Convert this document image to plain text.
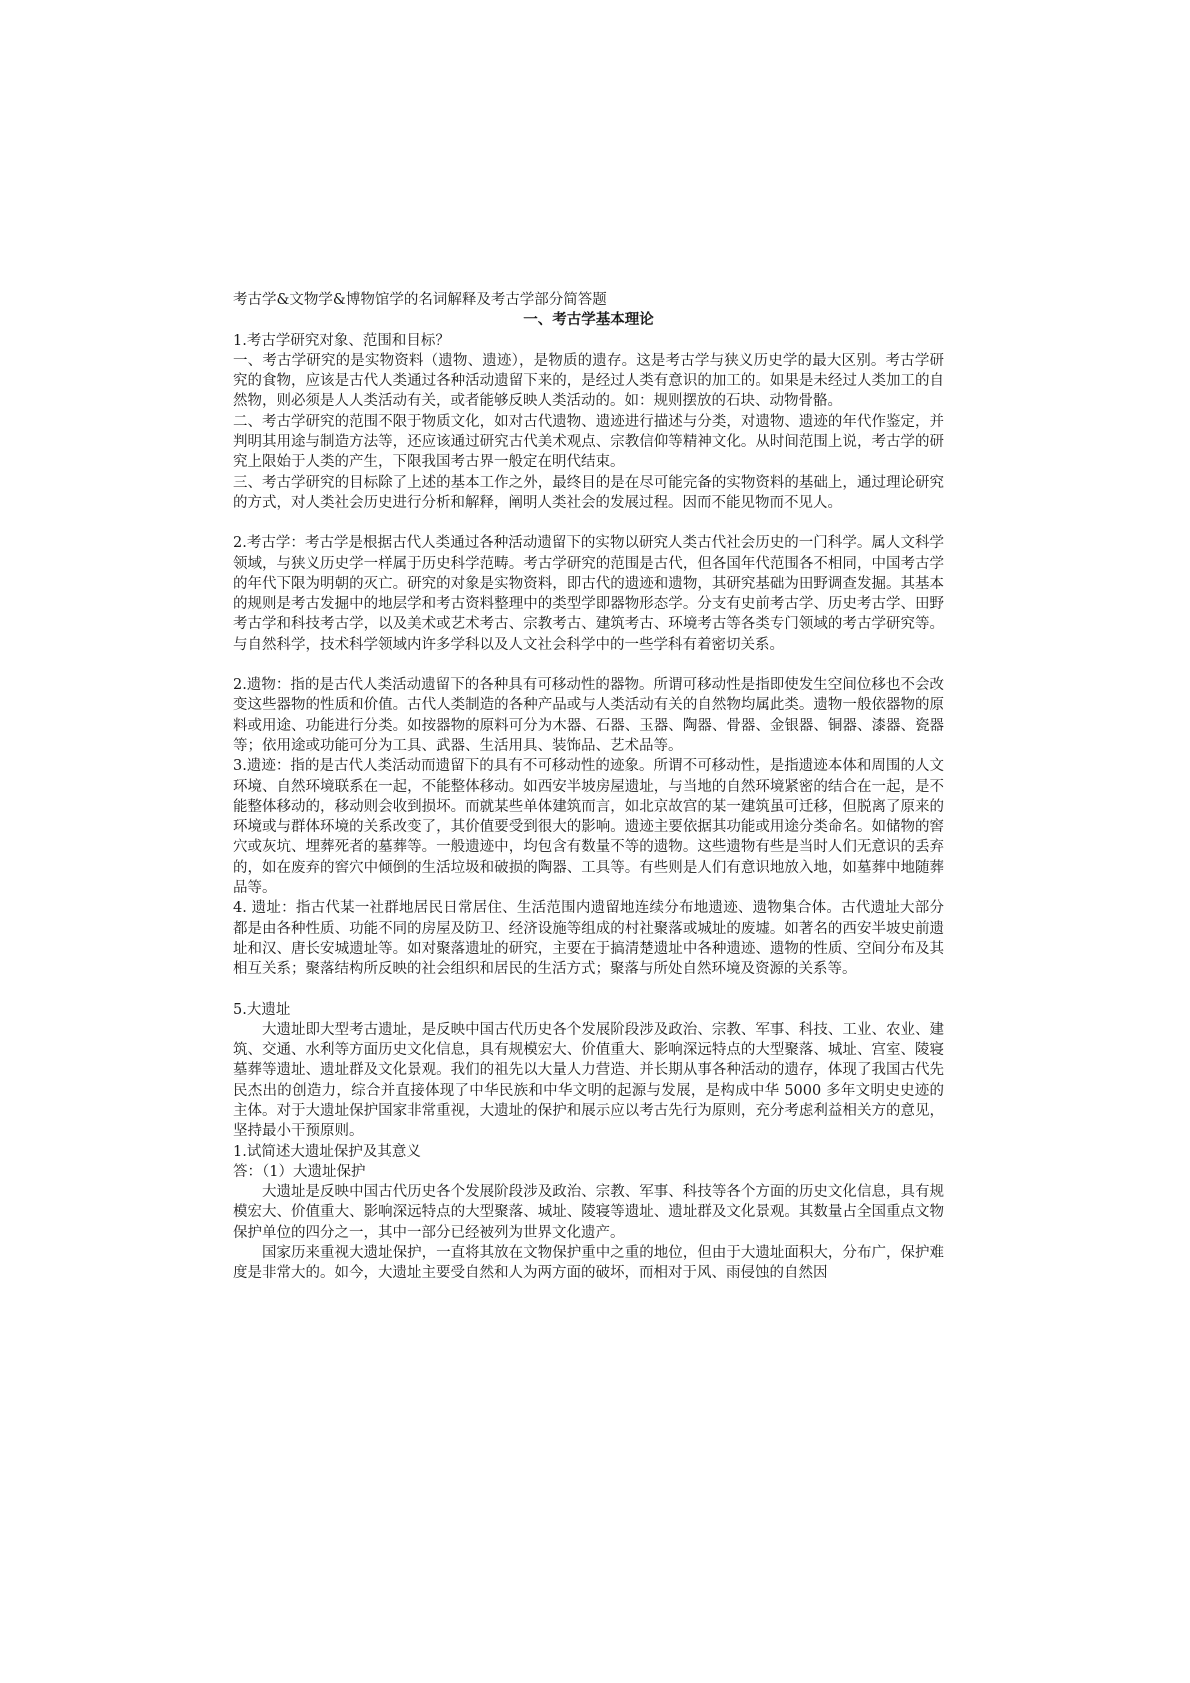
考古学&文物学&博物馆学的名词解释及考古学部分简答题
一、考古学基本理论

1.考古学研究对象、范围和目标？

一、考古学研究的是实物资料（遗物、遗迹），是物质的遗存。这是考古学与狭义历史学的最大区别。考古学研究的食物，应该是古代人类通过各种活动遗留下来的，是经过人类有意识的加工的。如果是未经过人类加工的自然物，则必须是人人类活动有关，或者能够反映人类活动的。如：规则摆放的石块、动物骨骼。

二、考古学研究的范围不限于物质文化，如对古代遗物、遗迹进行描述与分类，对遗物、遗迹的年代作鉴定，并判明其用途与制造方法等，还应该通过研究古代美术观点、宗教信仰等精神文化。从时间范围上说，考古学的研究上限始于人类的产生，下限我国考古界一般定在明代结束。

三、考古学研究的目标除了上述的基本工作之外，最终目的是在尽可能完备的实物资料的基础上，通过理论研究的方式，对人类社会历史进行分析和解释，阐明人类社会的发展过程。因而不能见物而不见人。

2.考古学：考古学是根据古代人类通过各种活动遗留下的实物以研究人类古代社会历史的一门科学。属人文科学领域，与狭义历史学一样属于历史科学范畴。考古学研究的范围是古代，但各国年代范围各不相同，中国考古学的年代下限为明朝的灭亡。研究的对象是实物资料，即古代的遗迹和遗物，其研究基础为田野调查发掘。其基本的规则是考古发掘中的地层学和考古资料整理中的类型学即器物形态学。分支有史前考古学、历史考古学、田野考古学和科技考古学，以及美术或艺术考古、宗教考古、建筑考古、环境考古等各类专门领域的考古学研究等。与自然科学，技术科学领域内许多学科以及人文社会科学中的一些学科有着密切关系。

2.遗物：指的是古代人类活动遗留下的各种具有可移动性的器物。所谓可移动性是指即使发生空间位移也不会改变这些器物的性质和价值。古代人类制造的各种产品或与人类活动有关的自然物均属此类。遗物一般依器物的原料或用途、功能进行分类。如按器物的原料可分为木器、石器、玉器、陶器、骨器、金银器、铜器、漆器、瓷器等；依用途或功能可分为工具、武器、生活用具、装饰品、艺术品等。

3.遗迹：指的是古代人类活动而遗留下的具有不可移动性的迹象。所谓不可移动性，是指遗迹本体和周围的人文环境、自然环境联系在一起，不能整体移动。如西安半坡房屋遗址，与当地的自然环境紧密的结合在一起，是不能整体移动的，移动则会收到损坏。而就某些单体建筑而言，如北京故宫的某一建筑虽可迁移，但脱离了原来的环境或与群体环境的关系改变了，其价值要受到很大的影响。遗迹主要依据其功能或用途分类命名。如储物的窖穴或灰坑、埋葬死者的墓葬等。一般遗迹中，均包含有数量不等的遗物。这些遗物有些是当时人们无意识的丢弃的，如在废弃的窖穴中倾倒的生活垃圾和破损的陶器、工具等。有些则是人们有意识地放入地，如墓葬中地随葬品等。

4. 遗址：指古代某一社群地居民日常居住、生活范围内遗留地连续分布地遗迹、遗物集合体。古代遗址大部分都是由各种性质、功能不同的房屋及防卫、经济设施等组成的村社聚落或城址的废墟。如著名的西安半坡史前遗址和汉、唐长安城遗址等。如对聚落遗址的研究，主要在于搞清楚遗址中各种遗迹、遗物的性质、空间分布及其相互关系；聚落结构所反映的社会组织和居民的生活方式；聚落与所处自然环境及资源的关系等。

5.大遗址

大遗址即大型考古遗址，是反映中国古代历史各个发展阶段涉及政治、宗教、军事、科技、工业、农业、建筑、交通、水利等方面历史文化信息，具有规模宏大、价值重大、影响深远特点的大型聚落、城址、宫室、陵寝墓葬等遗址、遗址群及文化景观。我们的祖先以大量人力营造、并长期从事各种活动的遗存，体现了我国古代先民杰出的创造力，综合并直接体现了中华民族和中华文明的起源与发展，是构成中华 5000 多年文明史史迹的主体。对于大遗址保护国家非常重视，大遗址的保护和展示应以考古先行为原则，充分考虑利益相关方的意见，坚持最小干预原则。

1.试简述大遗址保护及其意义

答：（1）大遗址保护

大遗址是反映中国古代历史各个发展阶段涉及政治、宗教、军事、科技等各个方面的历史文化信息，具有规模宏大、价值重大、影响深远特点的大型聚落、城址、陵寝等遗址、遗址群及文化景观。其数量占全国重点文物保护单位的四分之一，其中一部分已经被列为世界文化遗产。

国家历来重视大遗址保护，一直将其放在文物保护重中之重的地位，但由于大遗址面积大，分布广，保护难度是非常大的。如今，大遗址主要受自然和人为两方面的破坏，而相对于风、雨侵蚀的自然因
